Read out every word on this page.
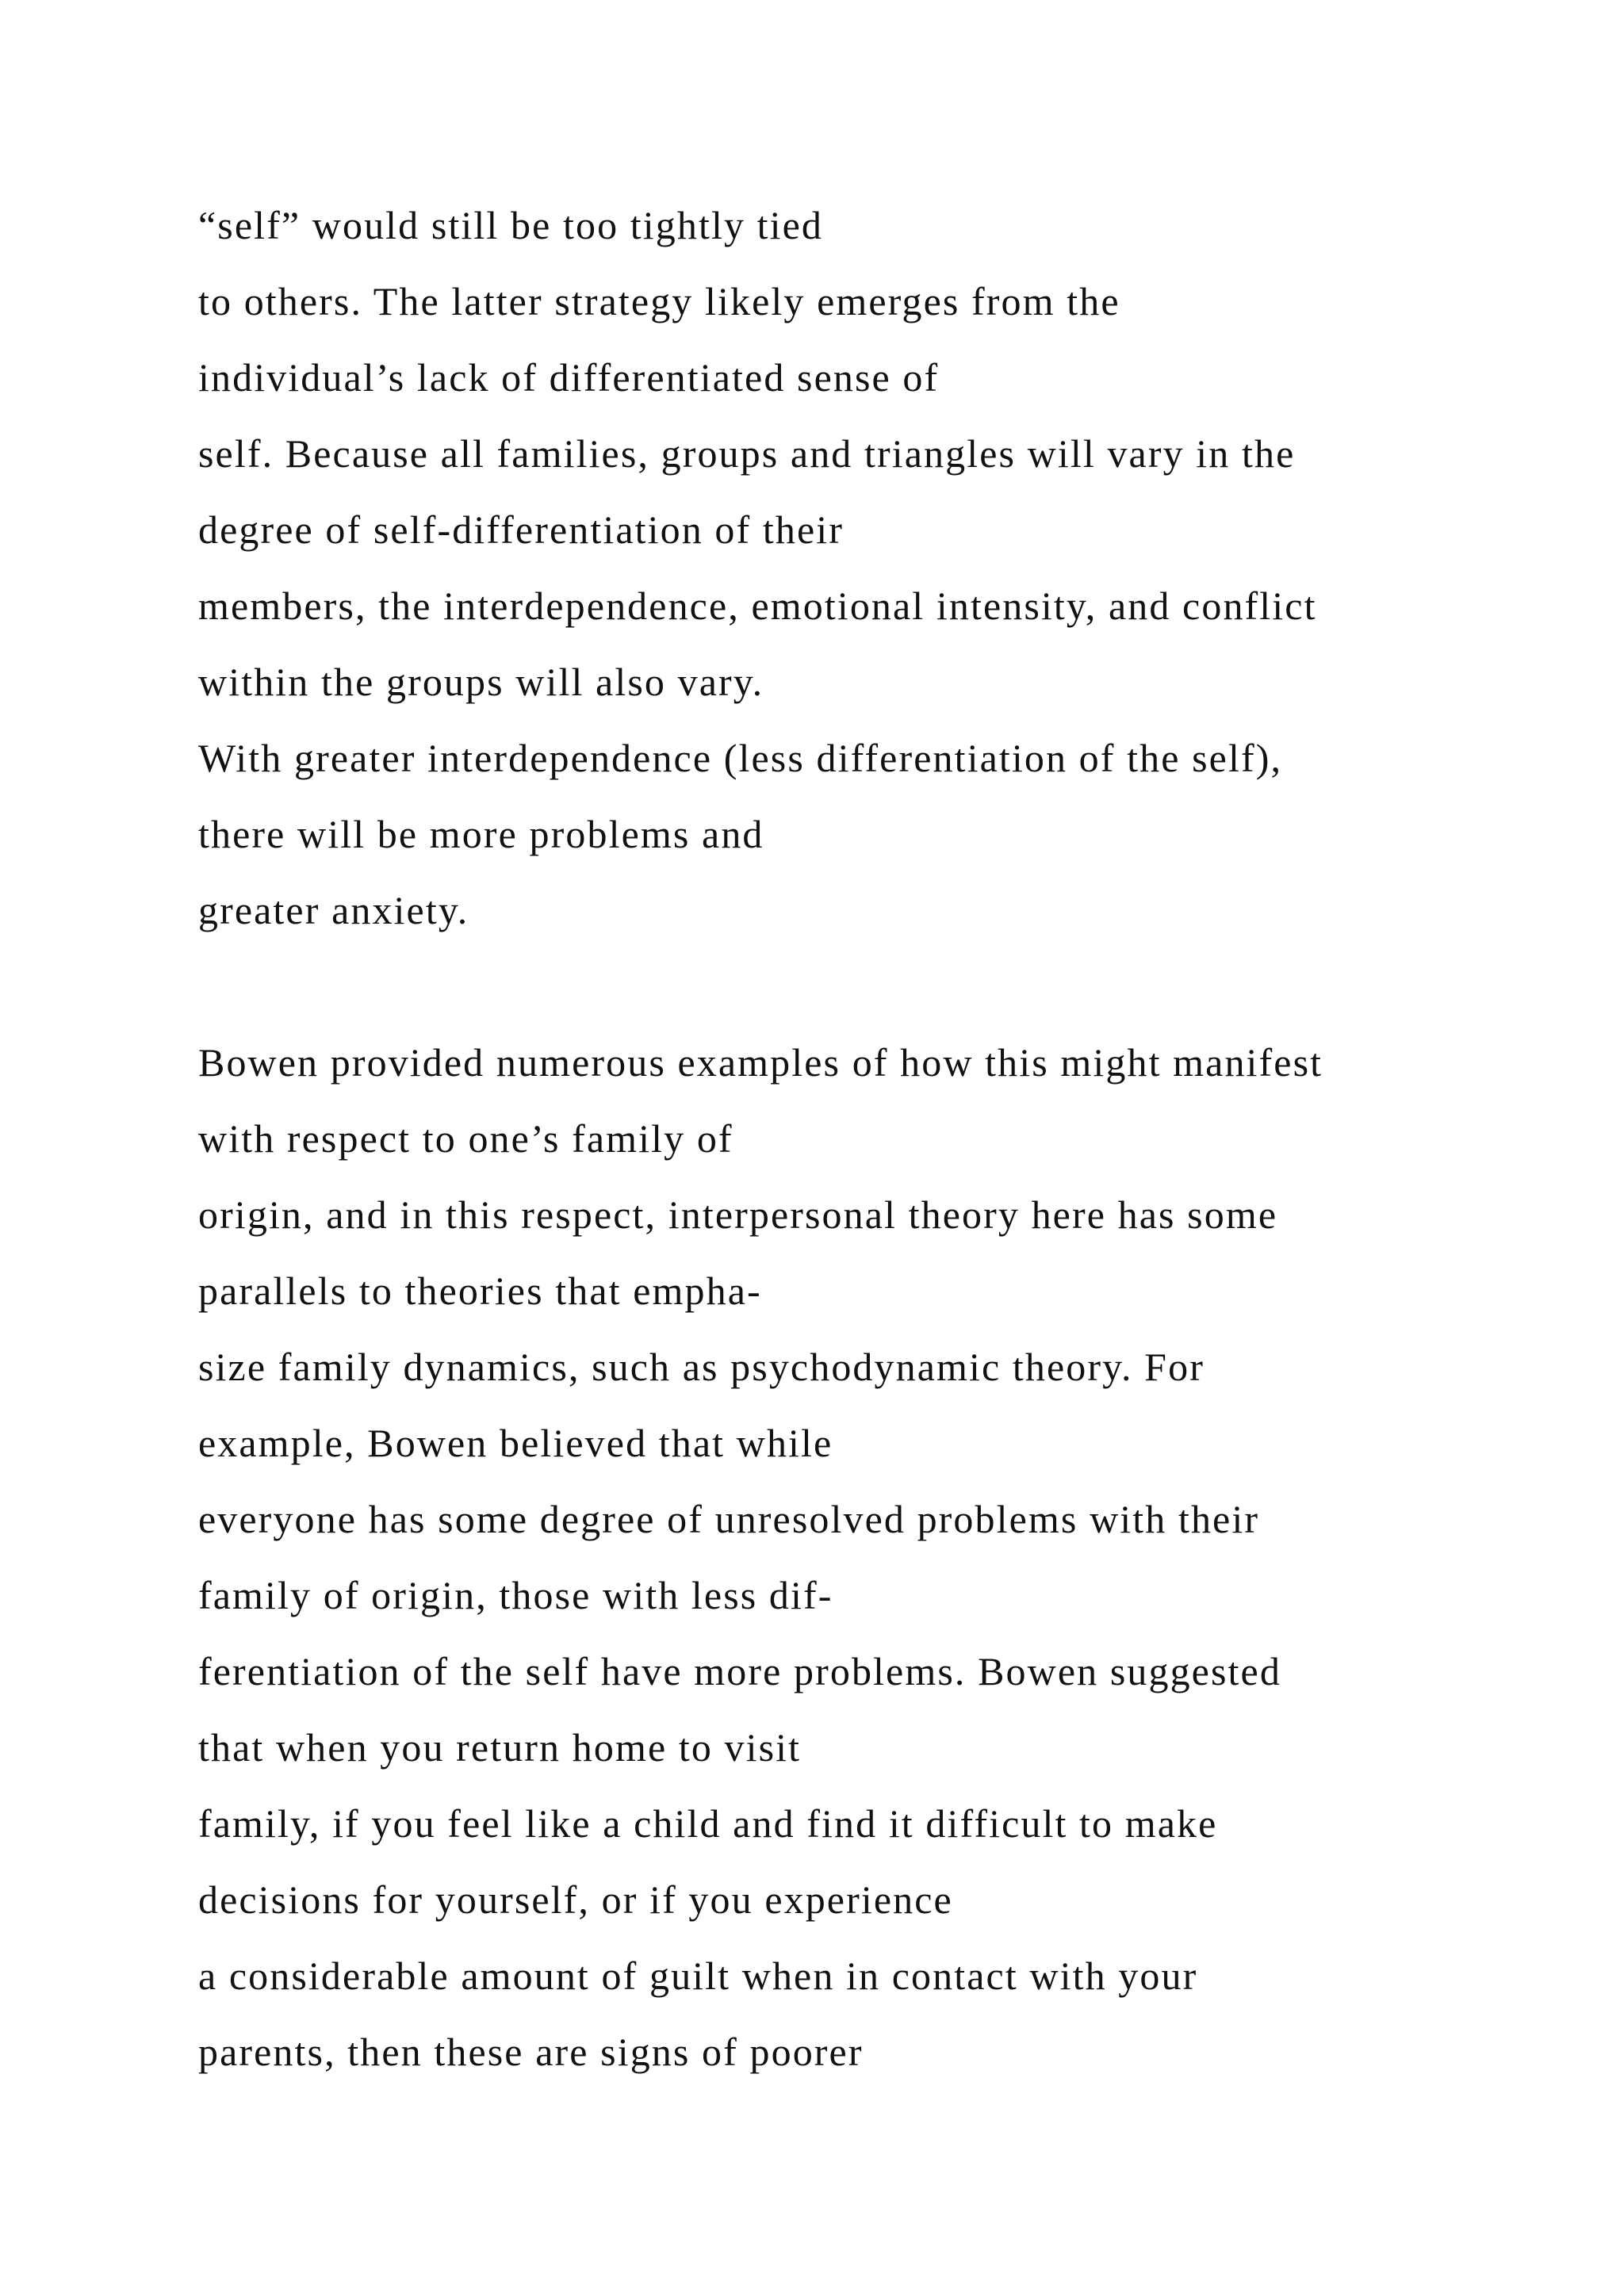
“self” would still be too tightly tied
to others. The latter strategy likely emerges from the
individual’s lack of differentiated sense of
self. Because all families, groups and triangles will vary in the
degree of self-differentiation of their
members, the interdependence, emotional intensity, and conflict
within the groups will also vary.
With greater interdependence (less differentiation of the self),
there will be more problems and
greater anxiety.
Bowen provided numerous examples of how this might manifest
with respect to one’s family of
origin, and in this respect, interpersonal theory here has some
parallels to theories that empha-
size family dynamics, such as psychodynamic theory. For
example, Bowen believed that while
everyone has some degree of unresolved problems with their
family of origin, those with less dif-
ferentiation of the self have more problems. Bowen suggested
that when you return home to visit
family, if you feel like a child and find it difficult to make
decisions for yourself, or if you experience
a considerable amount of guilt when in contact with your
parents, then these are signs of poorer
